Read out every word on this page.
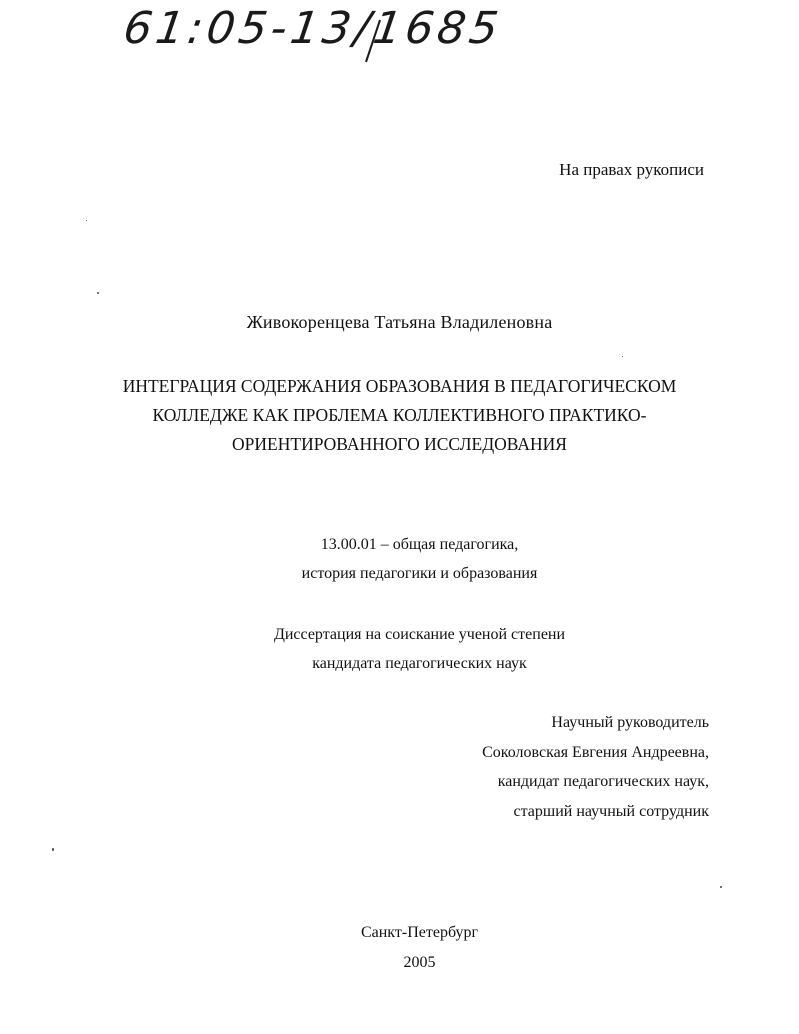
61:05-13/1685
На правах рукописи
Живокоренцева Татьяна Владиленовна
ИНТЕГРАЦИЯ СОДЕРЖАНИЯ ОБРАЗОВАНИЯ В ПЕДАГОГИЧЕСКОМ
КОЛЛЕДЖЕ КАК ПРОБЛЕМА КОЛЛЕКТИВНОГО ПРАКТИКО-
ОРИЕНТИРОВАННОГО ИССЛЕДОВАНИЯ
13.00.01 – общая педагогика,
история педагогики и образования
Диссертация на соискание ученой степени
кандидата педагогических наук
Научный руководитель
Соколовская Евгения Андреевна,
кандидат педагогических наук,
старший научный сотрудник
Санкт-Петербург
2005
